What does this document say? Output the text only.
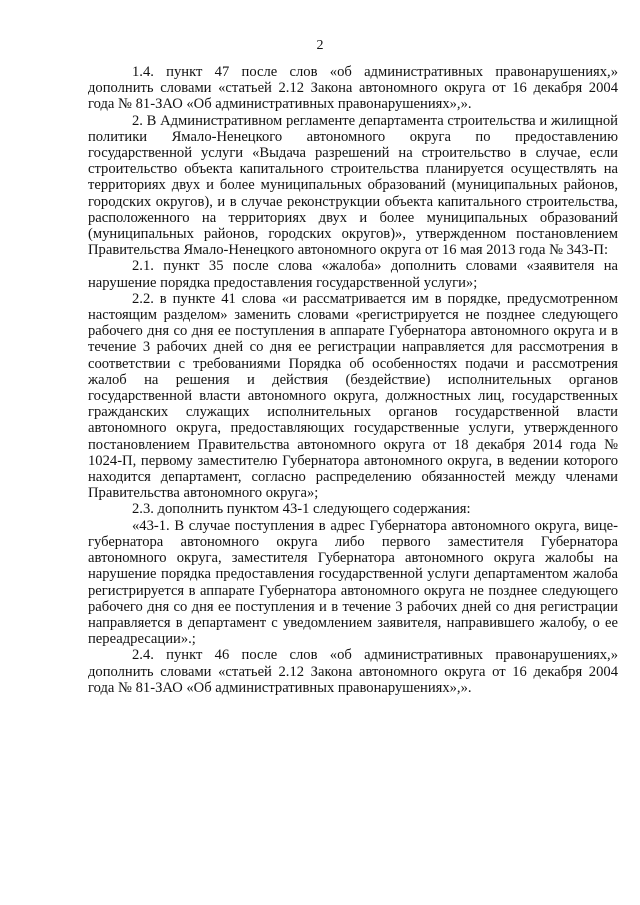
2

1.4. пункт 47 после слов «об административных правонарушениях,» дополнить словами «статьей 2.12 Закона автономного округа от 16 декабря 2004 года № 81-ЗАО «Об административных правонарушениях»,».

2. В Административном регламенте департамента строительства и жилищной политики Ямало-Ненецкого автономного округа по предоставлению государственной услуги «Выдача разрешений на строительство в случае, если строительство объекта капитального строительства планируется осуществлять на территориях двух и более муниципальных образований (муниципальных районов, городских округов), и в случае реконструкции объекта капитального строительства, расположенного на территориях двух и более муниципальных образований (муниципальных районов, городских округов)», утвержденном постановлением Правительства Ямало-Ненецкого автономного округа от 16 мая 2013 года № 343-П:

2.1. пункт 35 после слова «жалоба» дополнить словами «заявителя на нарушение порядка предоставления государственной услуги»;

2.2. в пункте 41 слова «и рассматривается им в порядке, предусмотренном настоящим разделом» заменить словами «регистрируется не позднее следующего рабочего дня со дня ее поступления в аппарате Губернатора автономного округа и в течение 3 рабочих дней со дня ее регистрации направляется для рассмотрения в соответствии с требованиями Порядка об особенностях подачи и рассмотрения жалоб на решения и действия (бездействие) исполнительных органов государственной власти автономного округа, должностных лиц, государственных гражданских служащих исполнительных органов государственной власти автономного округа, предоставляющих государственные услуги, утвержденного постановлением Правительства автономного округа от 18 декабря 2014 года № 1024-П, первому заместителю Губернатора автономного округа, в ведении которого находится департамент, согласно распределению обязанностей между членами Правительства автономного округа»;

2.3. дополнить пунктом 43-1 следующего содержания:

«43-1. В случае поступления в адрес Губернатора автономного округа, вице-губернатора автономного округа либо первого заместителя Губернатора автономного округа, заместителя Губернатора автономного округа жалобы на нарушение порядка предоставления государственной услуги департаментом жалоба регистрируется в аппарате Губернатора автономного округа не позднее следующего рабочего дня со дня ее поступления и в течение 3 рабочих дней со дня регистрации направляется в департамент с уведомлением заявителя, направившего жалобу, о ее переадресации».;

2.4. пункт 46 после слов «об административных правонарушениях,» дополнить словами «статьей 2.12 Закона автономного округа от 16 декабря 2004 года № 81-ЗАО «Об административных правонарушениях»,».
